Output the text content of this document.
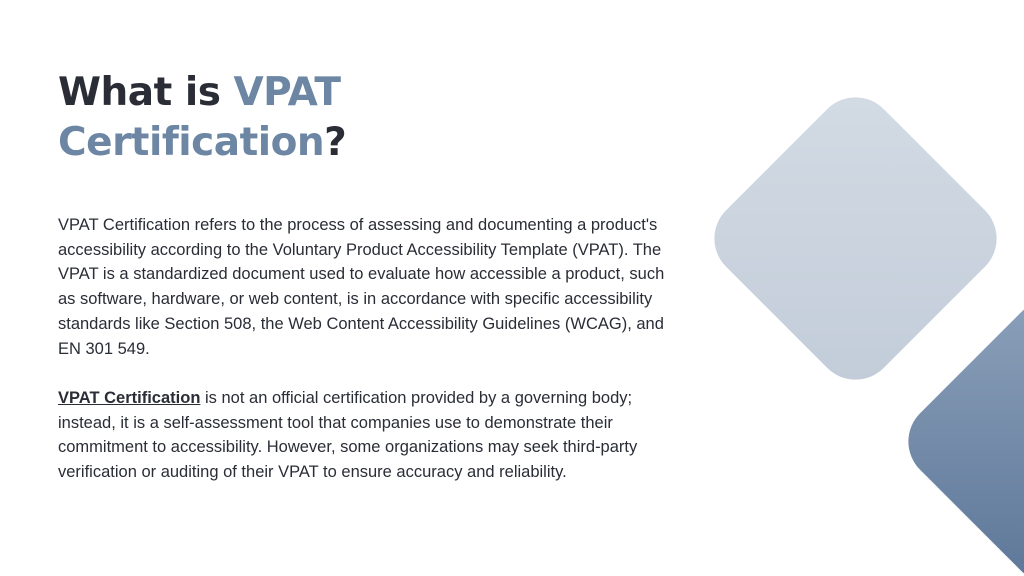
What is VPAT
Certification?

VPAT Certification refers to the process of assessing and documenting a product's accessibility according to the Voluntary Product Accessibility Template (VPAT). The VPAT is a standardized document used to evaluate how accessible a product, such as software, hardware, or web content, is in accordance with specific accessibility standards like Section 508, the Web Content Accessibility Guidelines (WCAG), and EN 301 549.

VPAT Certification is not an official certification provided by a governing body; instead, it is a self-assessment tool that companies use to demonstrate their commitment to accessibility. However, some organizations may seek third-party verification or auditing of their VPAT to ensure accuracy and reliability.
